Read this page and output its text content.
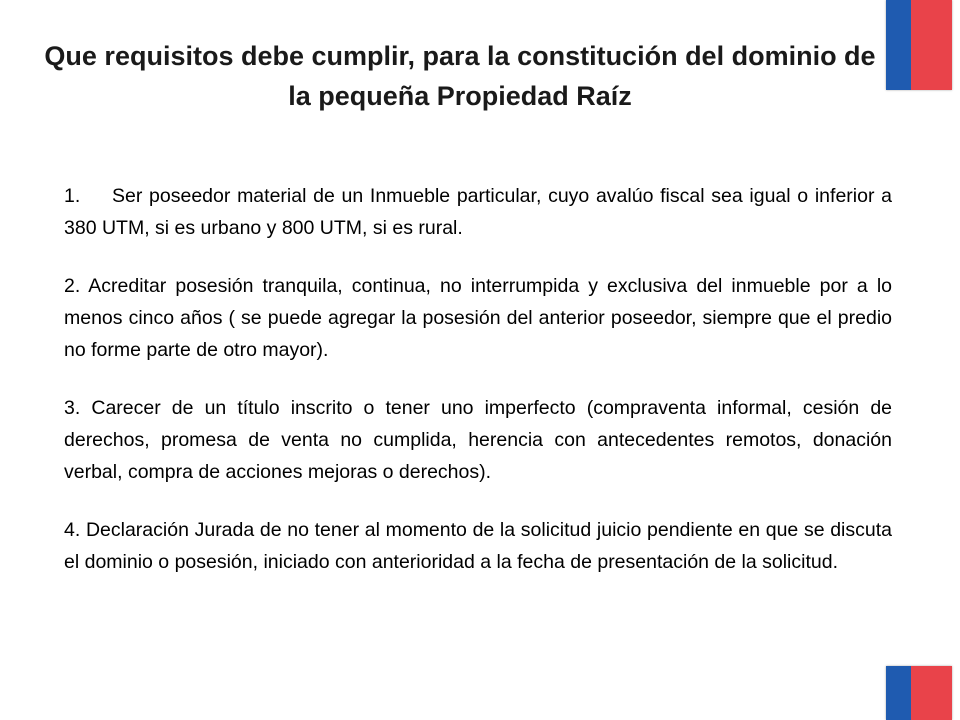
Que requisitos debe cumplir, para la constitución del dominio de la pequeña Propiedad Raíz

1. Ser poseedor material de un Inmueble particular, cuyo avalúo fiscal sea igual o inferior a 380 UTM, si es urbano y 800 UTM, si es rural.

2. Acreditar posesión tranquila, continua, no interrumpida y exclusiva del inmueble por a lo menos cinco años ( se puede agregar la posesión del anterior poseedor, siempre que el predio no forme parte de otro mayor).

3. Carecer de un título inscrito o tener uno imperfecto (compraventa informal, cesión de derechos, promesa de venta no cumplida, herencia con antecedentes remotos, donación verbal, compra de acciones mejoras o derechos).

4. Declaración Jurada de no tener al momento de la solicitud juicio pendiente en que se discuta el dominio o posesión, iniciado con anterioridad a la fecha de presentación de la solicitud.
